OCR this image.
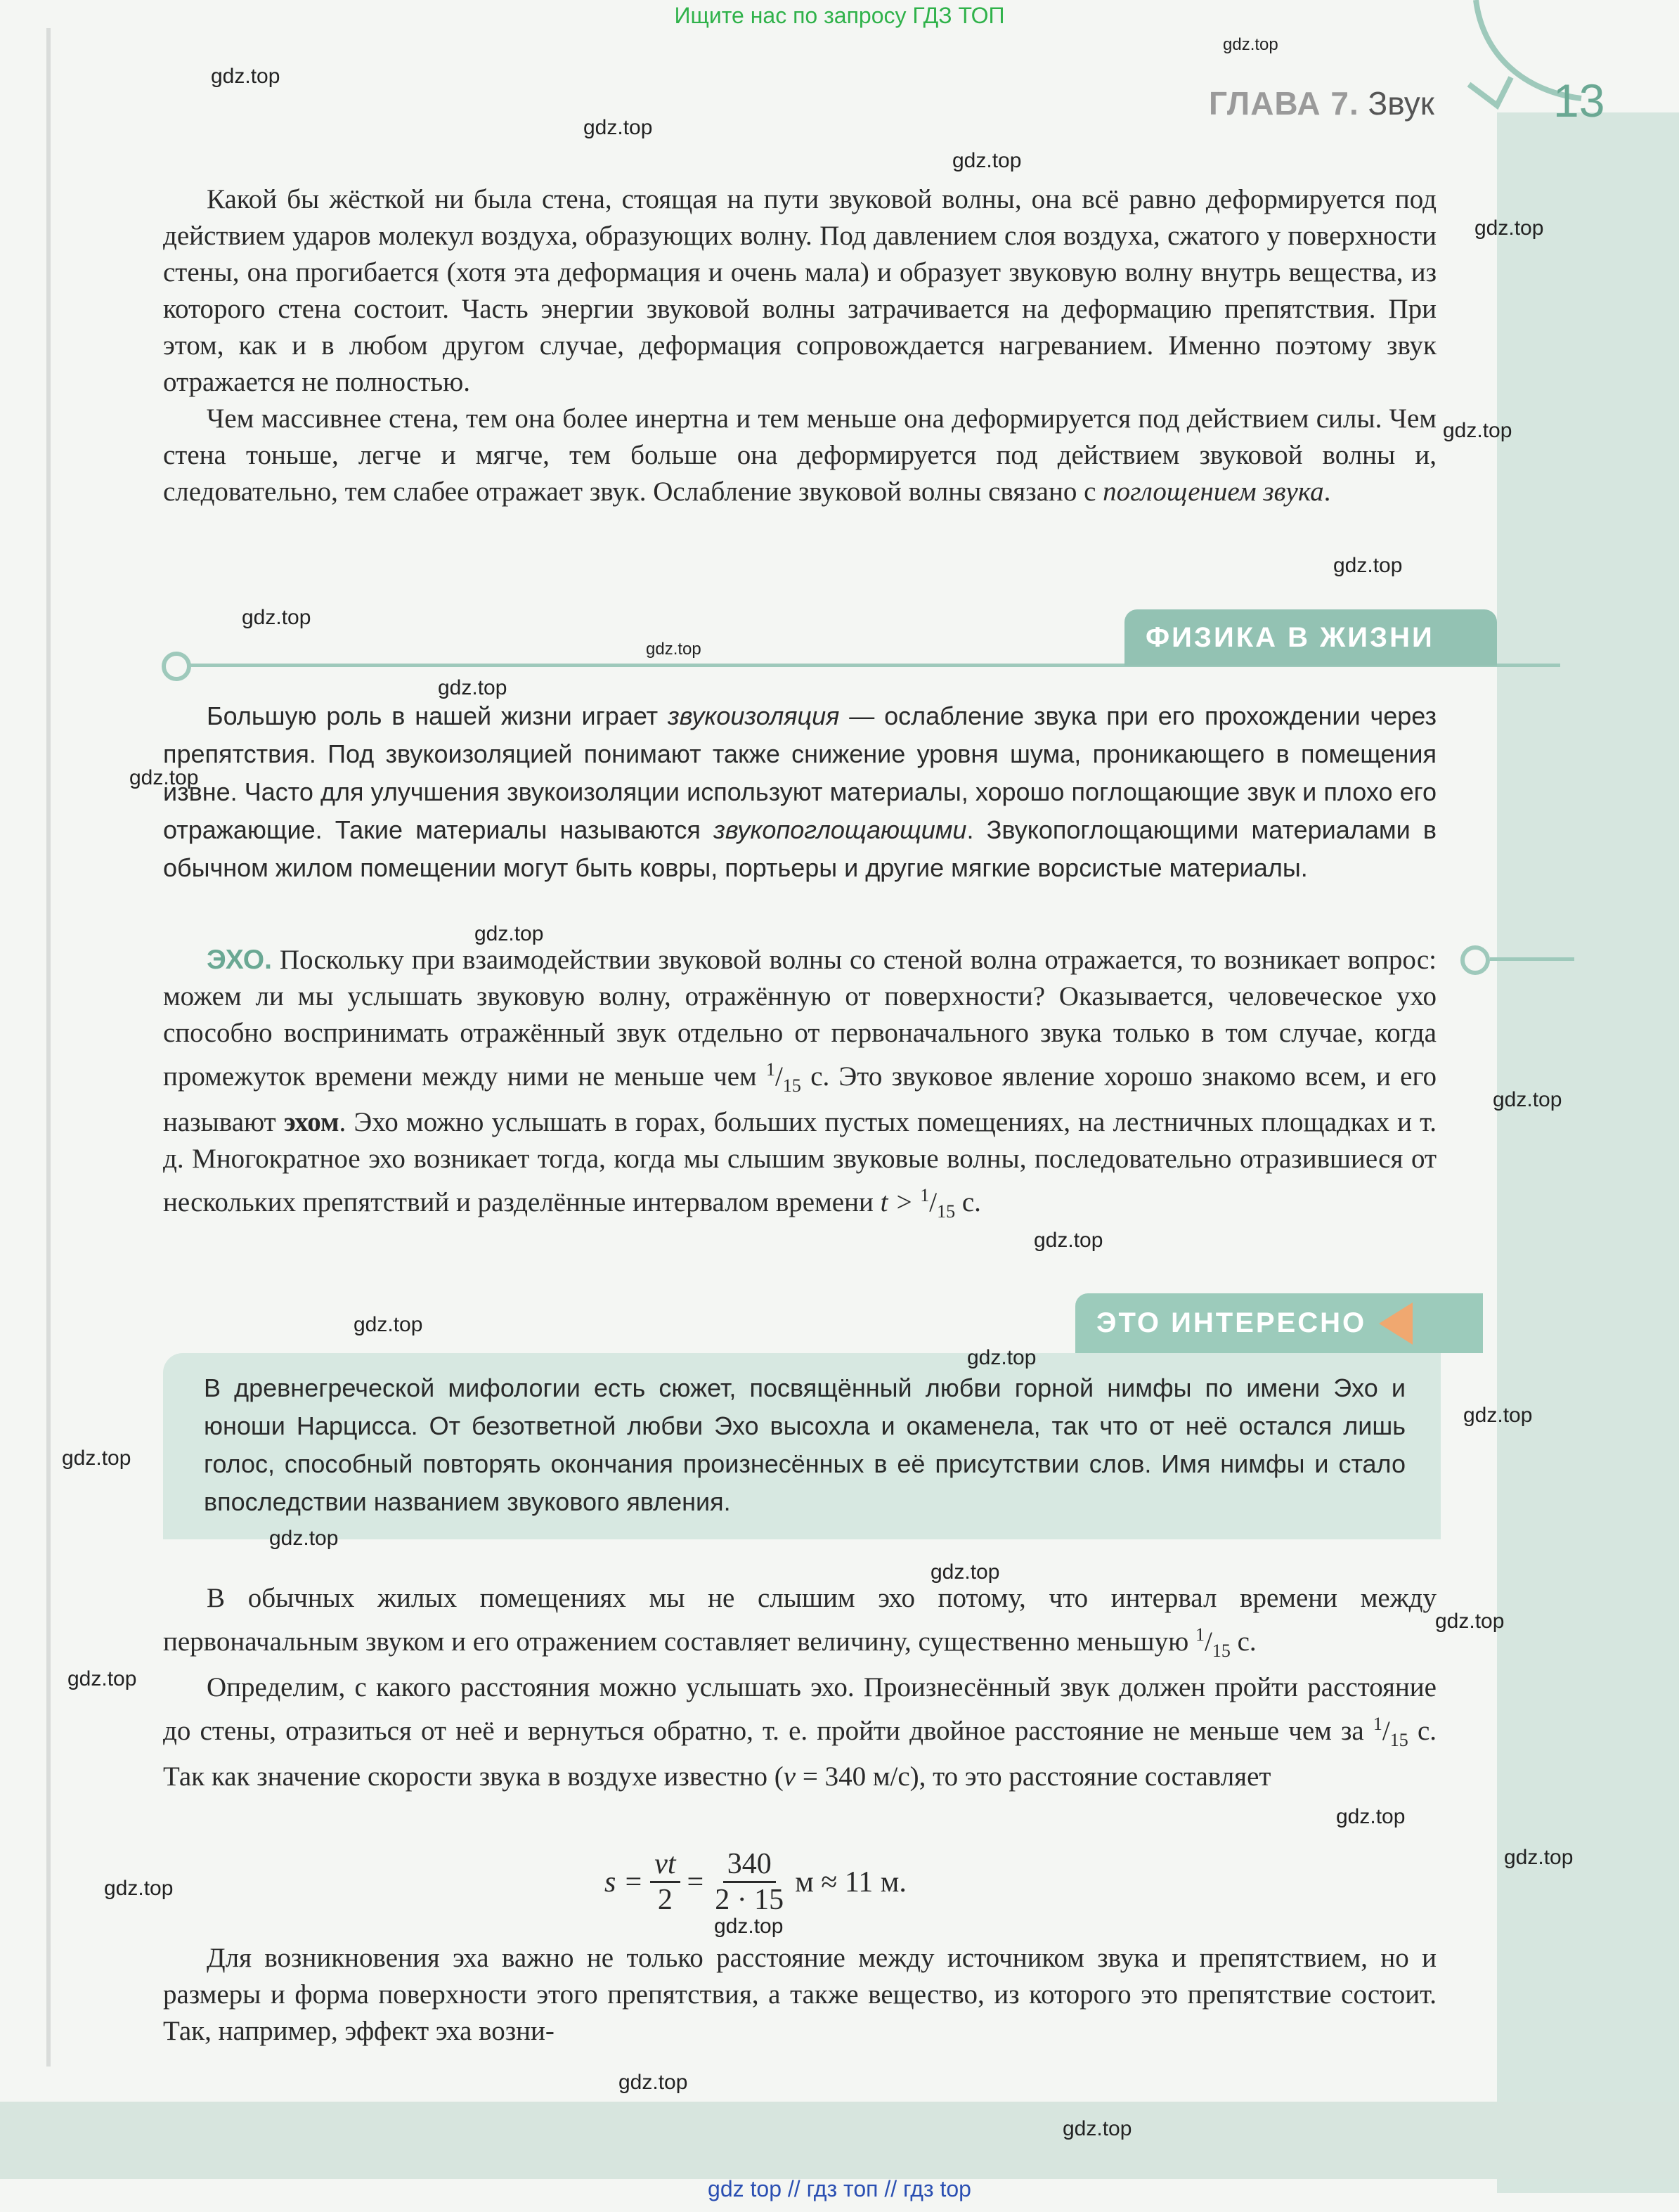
Ищите нас по запросу ГДЗ ТОП
ГЛАВА 7. Звук	13

Какой бы жёсткой ни была стена, стоящая на пути звуковой волны, она всё равно деформируется под действием ударов молекул воздуха, образующих волну. Под давлением слоя воздуха, сжатого у поверхности стены, она прогибается (хотя эта деформация и очень мала) и образует звуковую волну внутрь вещества, из которого стена состоит. Часть энергии звуковой волны затрачивается на деформацию препятствия. При этом, как и в любом другом случае, деформация сопровождается нагреванием. Именно поэтому звук отражается не полностью.

Чем массивнее стена, тем она более инертна и тем меньше она деформируется под действием силы. Чем стена тоньше, легче и мягче, тем больше она деформируется под действием звуковой волны и, следовательно, тем слабее отражает звук. Ослабление звуковой волны связано с поглощением звука.

ФИЗИКА В ЖИЗНИ

Большую роль в нашей жизни играет звукоизоляция — ослабление звука при его прохождении через препятствия. Под звукоизоляцией понимают также снижение уровня шума, проникающего в помещения извне. Часто для улучшения звукоизоляции используют материалы, хорошо поглощающие звук и плохо его отражающие. Такие материалы называются звукопоглощающими. Звукопоглощающими материалами в обычном жилом помещении могут быть ковры, портьеры и другие мягкие ворсистые материалы.

ЭХО. Поскольку при взаимодействии звуковой волны со стеной волна отражается, то возникает вопрос: можем ли мы услышать звуковую волну, отражённую от поверхности? Оказывается, человеческое ухо способно воспринимать отражённый звук отдельно от первоначального звука только в том случае, когда промежуток времени между ними не меньше чем $^1/_{15}$ с. Это звуковое явление хорошо знакомо всем, и его называют эхом. Эхо можно услышать в горах, больших пустых помещениях, на лестничных площадках и т. д. Многократное эхо возникает тогда, когда мы слышим звуковые волны, последовательно отразившиеся от нескольких препятствий и разделённые интервалом времени $t > ^1/_{15}$ с.

ЭТО ИНТЕРЕСНО
В древнегреческой мифологии есть сюжет, посвящённый любви горной нимфы по имени Эхо и юноши Нарцисса. От безответной любви Эхо высохла и окаменела, так что от неё остался лишь голос, способный повторять окончания произнесённых в её присутствии слов. Имя нимфы и стало впоследствии названием звукового явления.

В обычных жилых помещениях мы не слышим эхо потому, что интервал времени между первоначальным звуком и его отражением составляет величину, существенно меньшую $^1/_{15}$ с.

Определим, с какого расстояния можно услышать эхо. Произнесённый звук должен пройти расстояние до стены, отразиться от неё и вернуться обратно, т. е. пройти двойное расстояние не меньше чем за $^1/_{15}$ с. Так как значение скорости звука в воздухе известно (v = 340 м/с), то это расстояние составляет

$s = \frac{vt}{2} = \frac{340}{2 \cdot 15}$ м ≈ 11 м.

Для возникновения эха важно не только расстояние между источником звука и препятствием, но и размеры и форма поверхности этого препятствия, а также вещество, из которого это препятствие состоит. Так, например, эффект эха возни-

gdz.top
gdz.top
gdz.top
gdz.top
gdz.top
gdz.top
gdz.top
gdz.top
gdz.top
gdz.top
gdz.top
gdz.top
gdz.top
gdz.top
gdz.top
gdz.top
gdz.top
gdz.top
gdz.top
gdz.top
gdz.top
gdz.top
gdz.top
gdz.top
gdz.top
gdz.top
gdz.top
gdz.top
gdz top // гдз топ // гдз top
